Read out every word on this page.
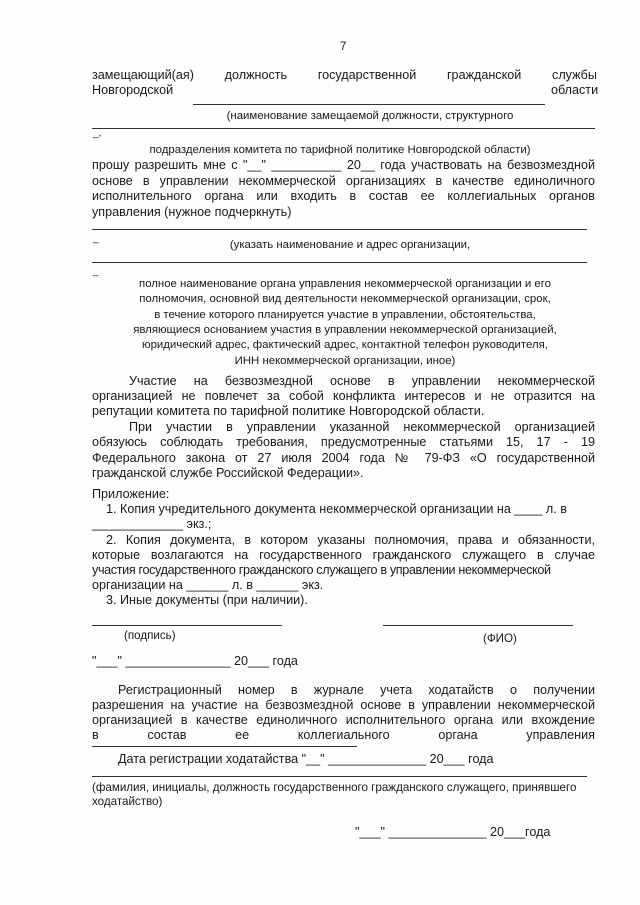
7
замещающий(ая) должность государственной гражданской службы
Новгородской	области
(наименование замещаемой должности, структурного
_,
подразделения комитета по тарифной политике Новгородской области)
прошу разрешить мне с "__" __________ 20__ года участвовать на безвозмездной
основе в управлении некоммерческой организациях в качестве единоличного
исполнительного органа или входить в состав ее коллегиальных органов
управления (нужное подчеркнуть)
_
(указать наименование и адрес организации,
_
полное наименование органа управления некоммерческой организации и его
полномочия, основной вид деятельности некоммерческой организации, срок,
в течение которого планируется участие в управлении, обстоятельства,
являющиеся основанием участия в управлении некоммерческой организацией,
юридический адрес, фактический адрес, контактной телефон руководителя,
ИНН некоммерческой организации, иное)
Участие на безвозмездной основе в управлении некоммерческой
организацией не повлечет за собой конфликта интересов и не отразится на
репутации комитета по тарифной политике Новгородской области.
При участии в управлении указанной некоммерческой организацией
обязуюсь соблюдать требования, предусмотренные статьями 15, 17 - 19
Федерального закона от 27 июля 2004 года № 79-ФЗ «О государственной
гражданской службе Российской Федерации».
Приложение:
1. Копия учредительного документа некоммерческой организации на ____ л. в
_____________ экз.;
2. Копия документа, в котором указаны полномочия, права и обязанности,
которые возлагаются на государственного гражданского служащего в случае
участия государственного гражданского служащего в управлении некоммерческой
организации на ______ л. в ______ экз.
3. Иные документы (при наличии).
(подпись)	(ФИО)
"___" _______________ 20___ года
Регистрационный номер в журнале учета ходатайств о получении
разрешения на участие на безвозмездной основе в управлении некоммерческой
организацией в качестве единоличного исполнительного органа или вхождение
в	состав	ее	коллегиального	органа	управления
Дата регистрации ходатайства "__" ______________ 20___ года
(фамилия, инициалы, должность государственного гражданского служащего, принявшего
ходатайство)
"___" ______________ 20___года
